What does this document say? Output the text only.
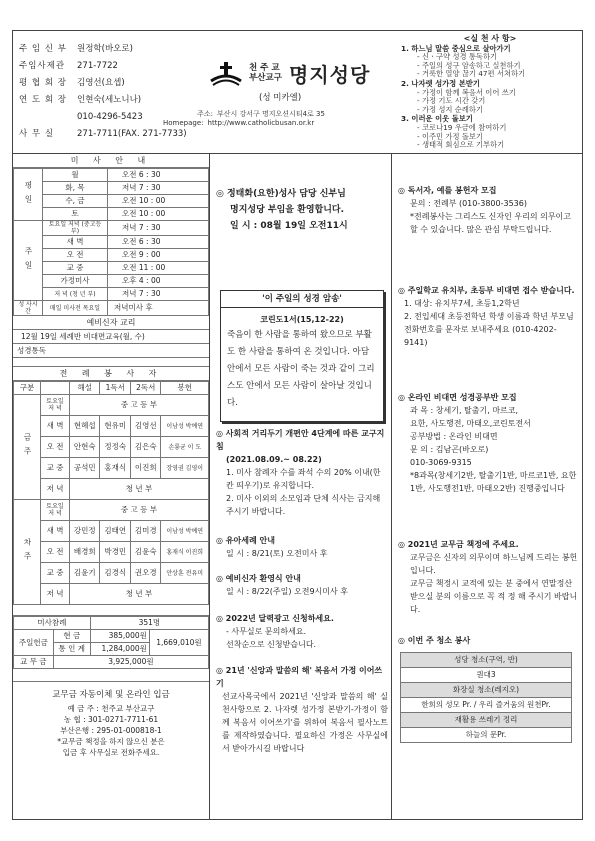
주 임 신 부	원정학(바오로)
주임사제관	271-7722
평 협 회 장	김영선(요셉)
연 도 회 장	인현숙(세노니나)
010-4296-5423
사 무 실	271-7711(FAX. 271-7733)
천 주 교
부산교구 명지성당
(성 미카엘)
주소: 부산시 강서구 명지오션시티4로 35
Homepage: http://www.catholicbusan.or.kr
<실 천 사 항>
1. 하느님 말씀 중심으로 살아가기
- 신ㆍ구약 성경 통독하기
- 주일의 성구 암송하고 실천하기
- 거룩한 열양 끊기 47편 서쳐하기
2. 나자렛 성가정 본받기
- 가정이 함께 복음서 이어 쓰기
- 가정 기도 시간 갖기
- 가정 성지 순례하기
3. 이러운 이웃 돌보기
- 코로나19 우금에 참여하기
- 이주민 가정 돌보기
- 생태적 회심으로 기부하기
미 사 안 내
평 일	월	오전 6 : 30
	화, 목	저녁 7 : 30
	수, 금	오전 10 : 00
	토	오전 10 : 00
주 일	토요일 저녁 (중고등부)	저녁 7 : 30
	새 벽	오전 6 : 30
	오 전	오전 9 : 00
	교 중	오전 11 : 00
	가정미사	오후 4 : 00
	저 녁 (청 년 부)	저녁 7 : 30
성 사시간	매일 미사전 목요일	저녁미사 후
예비신자 교리
12월 19일 세례반 비대면교육(월, 수)
성경통독
전 례 봉 사 자
구분		해설	1독서	2독서	봉헌
금 주	토요일 저 녁	중 고 등 부			
	새 벽	현혜섭	현유미	김영선	이남성 박예연
	오 전	안현숙	정정숙	김은숙	손룡균 이 도
	교 중	공석민	홍재식	이진희	장영권 김영이
	저 녁	청 년 부			
차 주	토요일 저 녁	중 고 등 부			
	새 벽	강민정	김태연	김미경	이남성 박예연
	오 전	배경희	박경민	김윤숙	홍재식 이진희
	교 중	김윤기	김경식	권오경	안상훈 전유미
	저 녁	청 년 부			
미사참례		351명	
주일헌금	현 금	385,000원	1,669,010원
	통 인 계	1,284,000원	
교 무 금	3,925,000원		
교무금 자동이체 및 온라인 입금
예 금 주 : 천주교 부산교구
농 협 : 301-0271-7711-61
부산은행 : 295-01-000818-1
*교무금 책정을 하지 않으신 분은
입금 후 사무실로 전화주세요.
◎ 정태화(요한)성사 담당 신부님
명지성당 부임을 환영합니다.
일 시 : 08월 19일 오전11시
'이 주일의 성경 암송'
코린도1서(15,12-22)
죽음이 한 사람을 통하여 왔으므로 부활도 한 사람을 통하여 온 것입니다. 아담 안에서 모든 사람이 죽는 것과 같이 그리스도 안에서 모든 사람이 살아날 것입니다.
◎ 사회적 거리두기 개편안 4단계에 따른 교구지침
(2021.08.09.~ 08.22)
1. 미사 참례자 수를 좌석 수의 20% 이내(한 칸 띄우기)로 유지합니다.
2. 미사 이외의 소모임과 단체 식사는 금지해 주시기 바랍니다.
◎ 유아세례 안내
일 시 : 8/21(토) 오전미사 후
◎ 예비신자 환영식 안내
일 시 : 8/22(주일) 오전9시미사 후
◎ 2022년 달력광고 신청하세요.
- 사무실로 문의하세요.
선착순으로 신청받습니다.
◎ 21년 '신앙과 말씀의 해' 복음서 가정 이어쓰기
선교사목국에서 2021년 '신앙과 말씀의 해' 실천사항으로 2. 나자렛 성가정 본받기-가정이 함께 복음서 이어쓰기'를 위하여 복음서 필사노트를 제작하였습니다. 필요하신 가정은 사무실에서 받아가시길 바랍니다
◎ 독서자, 예를 봉헌자 모집
문의 : 전례부 (010-3800-3536)
*전례봉사는 그리스도 신자인 우리의 의무이고 할 수 있습니다. 많은 관심 부탁드립니다.
◎ 주일학교 유치부, 초등부 비대면 접수 받습니다.
1. 대상: 유치부7세, 초등1,2학년
2. 전입세대 초등전학년 학생 이름과 학년 부모님 전화번호를 문자로 보내주세요 (010-4202-9141)
◎ 온라인 비대면 성경공부반 모집
과 목 : 창세기, 탈출기, 마르코,
요한, 사도행전, 마태오,코린토전서
공부방법 : 온라인 비대면
문 의 : 김남곤(바오로)
010-3069-9315
*8과목(창세기2반, 탈출기1반, 마르코1반, 요한1반, 사도행전1반, 마태오2반) 진행중입니다
◎ 2021년 교무금 책정에 주세요.
교무금은 신자의 의무이며 하느님께 드리는 봉헌입니다.
교무금 책정시 교적에 있는 분 중에서 연말정산 받으실 분의 이름으로 꼭 적 정 해 주시기 바랍니다.
◎ 이번 주 청소 봉사
성당 청소(구역, 반)
퀀대3
화장실 청소(레지오)
한희의 성모 Pr. / 우리 즐거움의 원천Pr.
재활용 쓰레기 정리
하늘의 문Pr.
